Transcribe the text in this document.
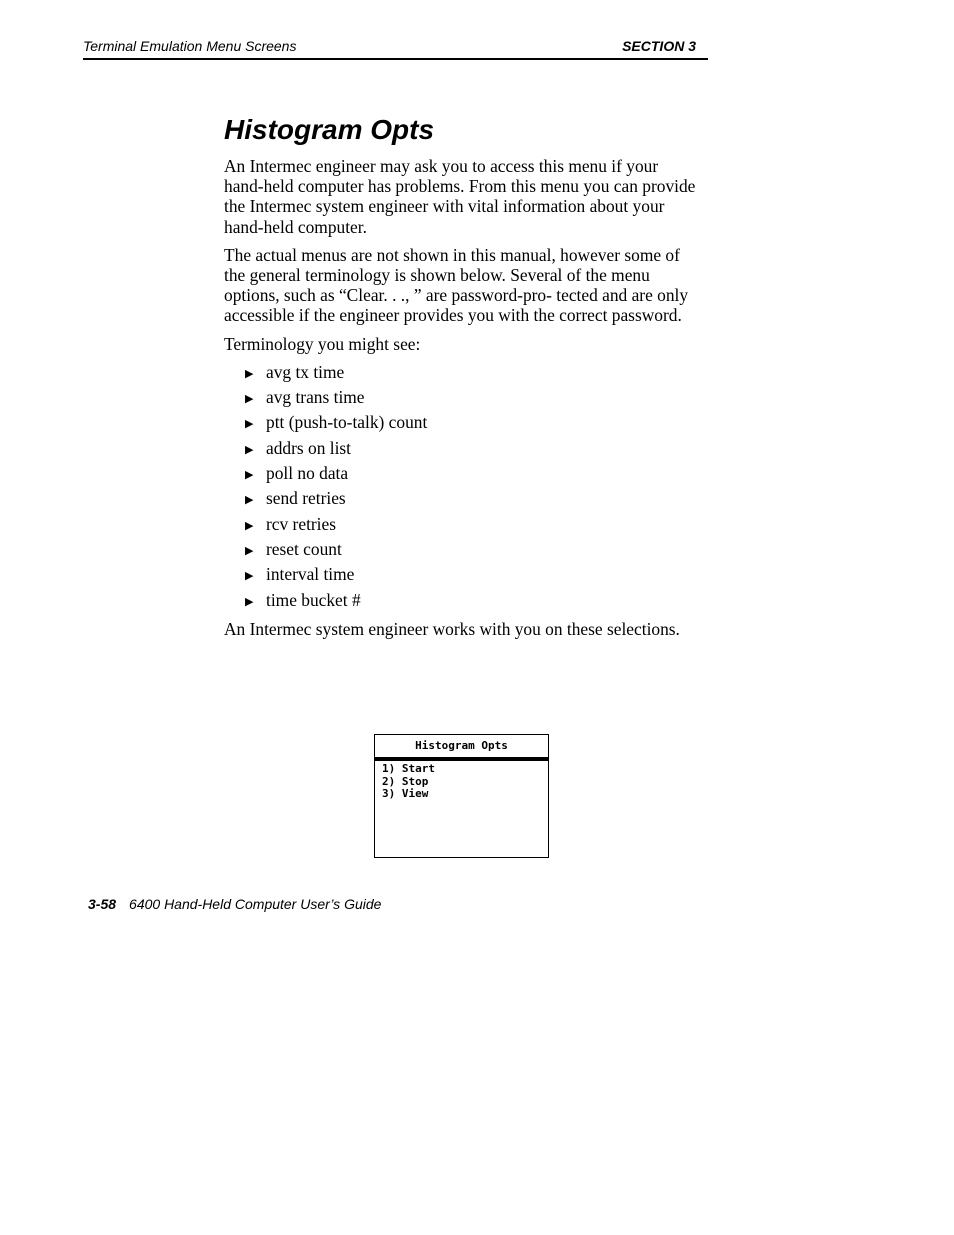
Terminal Emulation Menu Screens	SECTION 3
Histogram Opts

An Intermec engineer may ask you to access this menu if your hand-held computer has problems. From this menu you can provide the Intermec system engineer with vital information about your hand-held computer.

The actual menus are not shown in this manual, however some of the general terminology is shown below. Several of the menu options, such as “Clear. . ., ” are password-pro- tected and are only accessible if the engineer provides you with the correct password.

Terminology you might see:

▶ avg tx time
▶ avg trans time
▶ ptt (push-to-talk) count
▶ addrs on list
▶ poll no data
▶ send retries
▶ rcv retries
▶ reset count
▶ interval time
▶ time bucket #

An Intermec system engineer works with you on these selections.

Histogram Opts
1) Start
2) Stop
3) View
3-58 6400 Hand-Held Computer User’s Guide
